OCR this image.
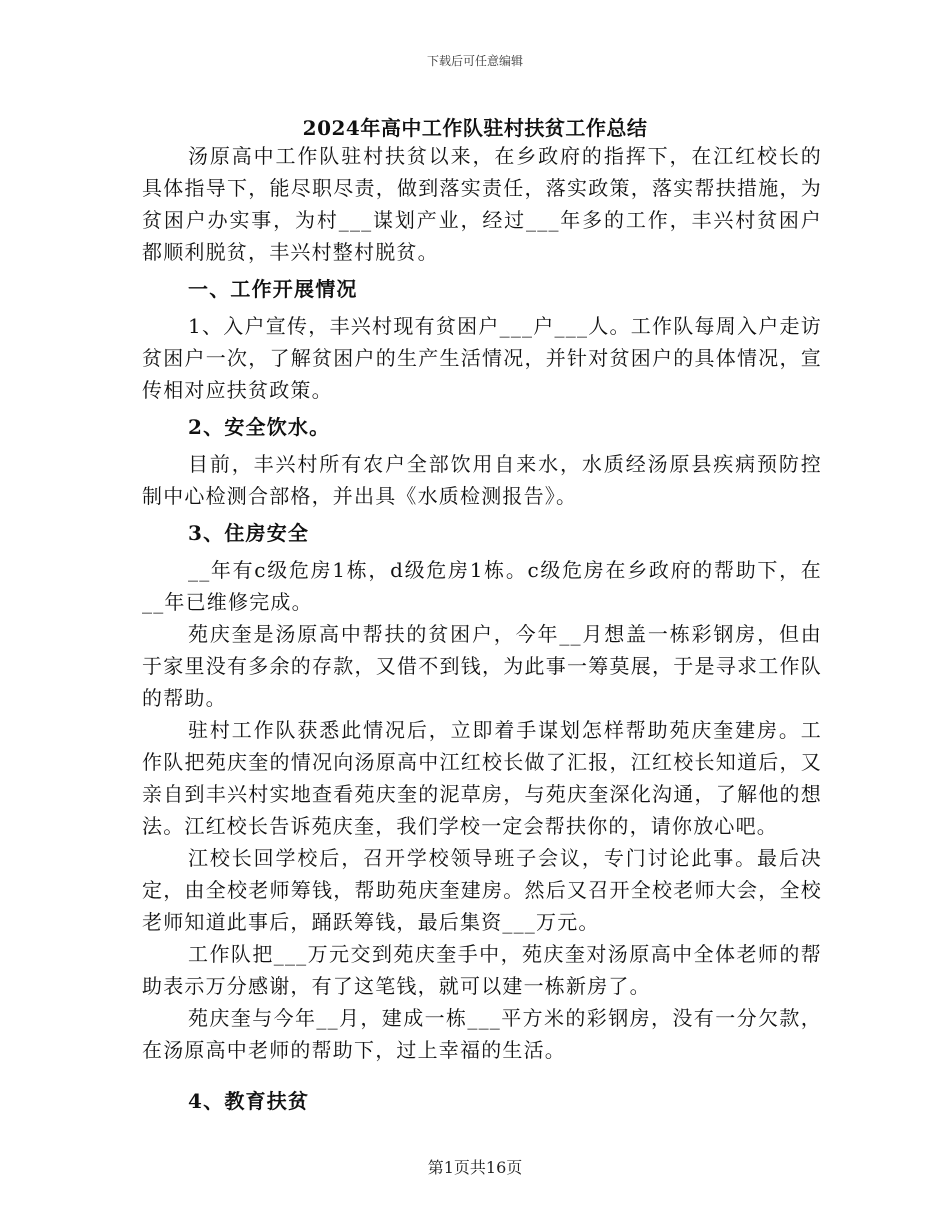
下载后可任意编辑
2024年高中工作队驻村扶贫工作总结

汤原高中工作队驻村扶贫以来，在乡政府的指挥下，在江红校长的具体指导下，能尽职尽责，做到落实责任，落实政策，落实帮扶措施，为贫困户办实事，为村___谋划产业，经过___年多的工作，丰兴村贫困户都顺利脱贫，丰兴村整村脱贫。

一、工作开展情况

1、入户宣传，丰兴村现有贫困户___户___人。工作队每周入户走访贫困户一次，了解贫困户的生产生活情况，并针对贫困户的具体情况，宣传相对应扶贫政策。

2、安全饮水。

目前，丰兴村所有农户全部饮用自来水，水质经汤原县疾病预防控制中心检测合部格，并出具《水质检测报告》。

3、住房安全

__年有c级危房1栋，d级危房1栋。c级危房在乡政府的帮助下，在__年已维修完成。

苑庆奎是汤原高中帮扶的贫困户，今年__月想盖一栋彩钢房，但由于家里没有多余的存款，又借不到钱，为此事一筹莫展，于是寻求工作队的帮助。

驻村工作队获悉此情况后，立即着手谋划怎样帮助苑庆奎建房。工作队把苑庆奎的情况向汤原高中江红校长做了汇报，江红校长知道后，又亲自到丰兴村实地查看苑庆奎的泥草房，与苑庆奎深化沟通，了解他的想法。江红校长告诉苑庆奎，我们学校一定会帮扶你的，请你放心吧。

江校长回学校后，召开学校领导班子会议，专门讨论此事。最后决定，由全校老师筹钱，帮助苑庆奎建房。然后又召开全校老师大会，全校老师知道此事后，踊跃筹钱，最后集资___万元。

工作队把___万元交到苑庆奎手中，苑庆奎对汤原高中全体老师的帮助表示万分感谢，有了这笔钱，就可以建一栋新房了。

苑庆奎与今年__月，建成一栋___平方米的彩钢房，没有一分欠款，在汤原高中老师的帮助下，过上幸福的生活。

4、教育扶贫

第1页共16页
